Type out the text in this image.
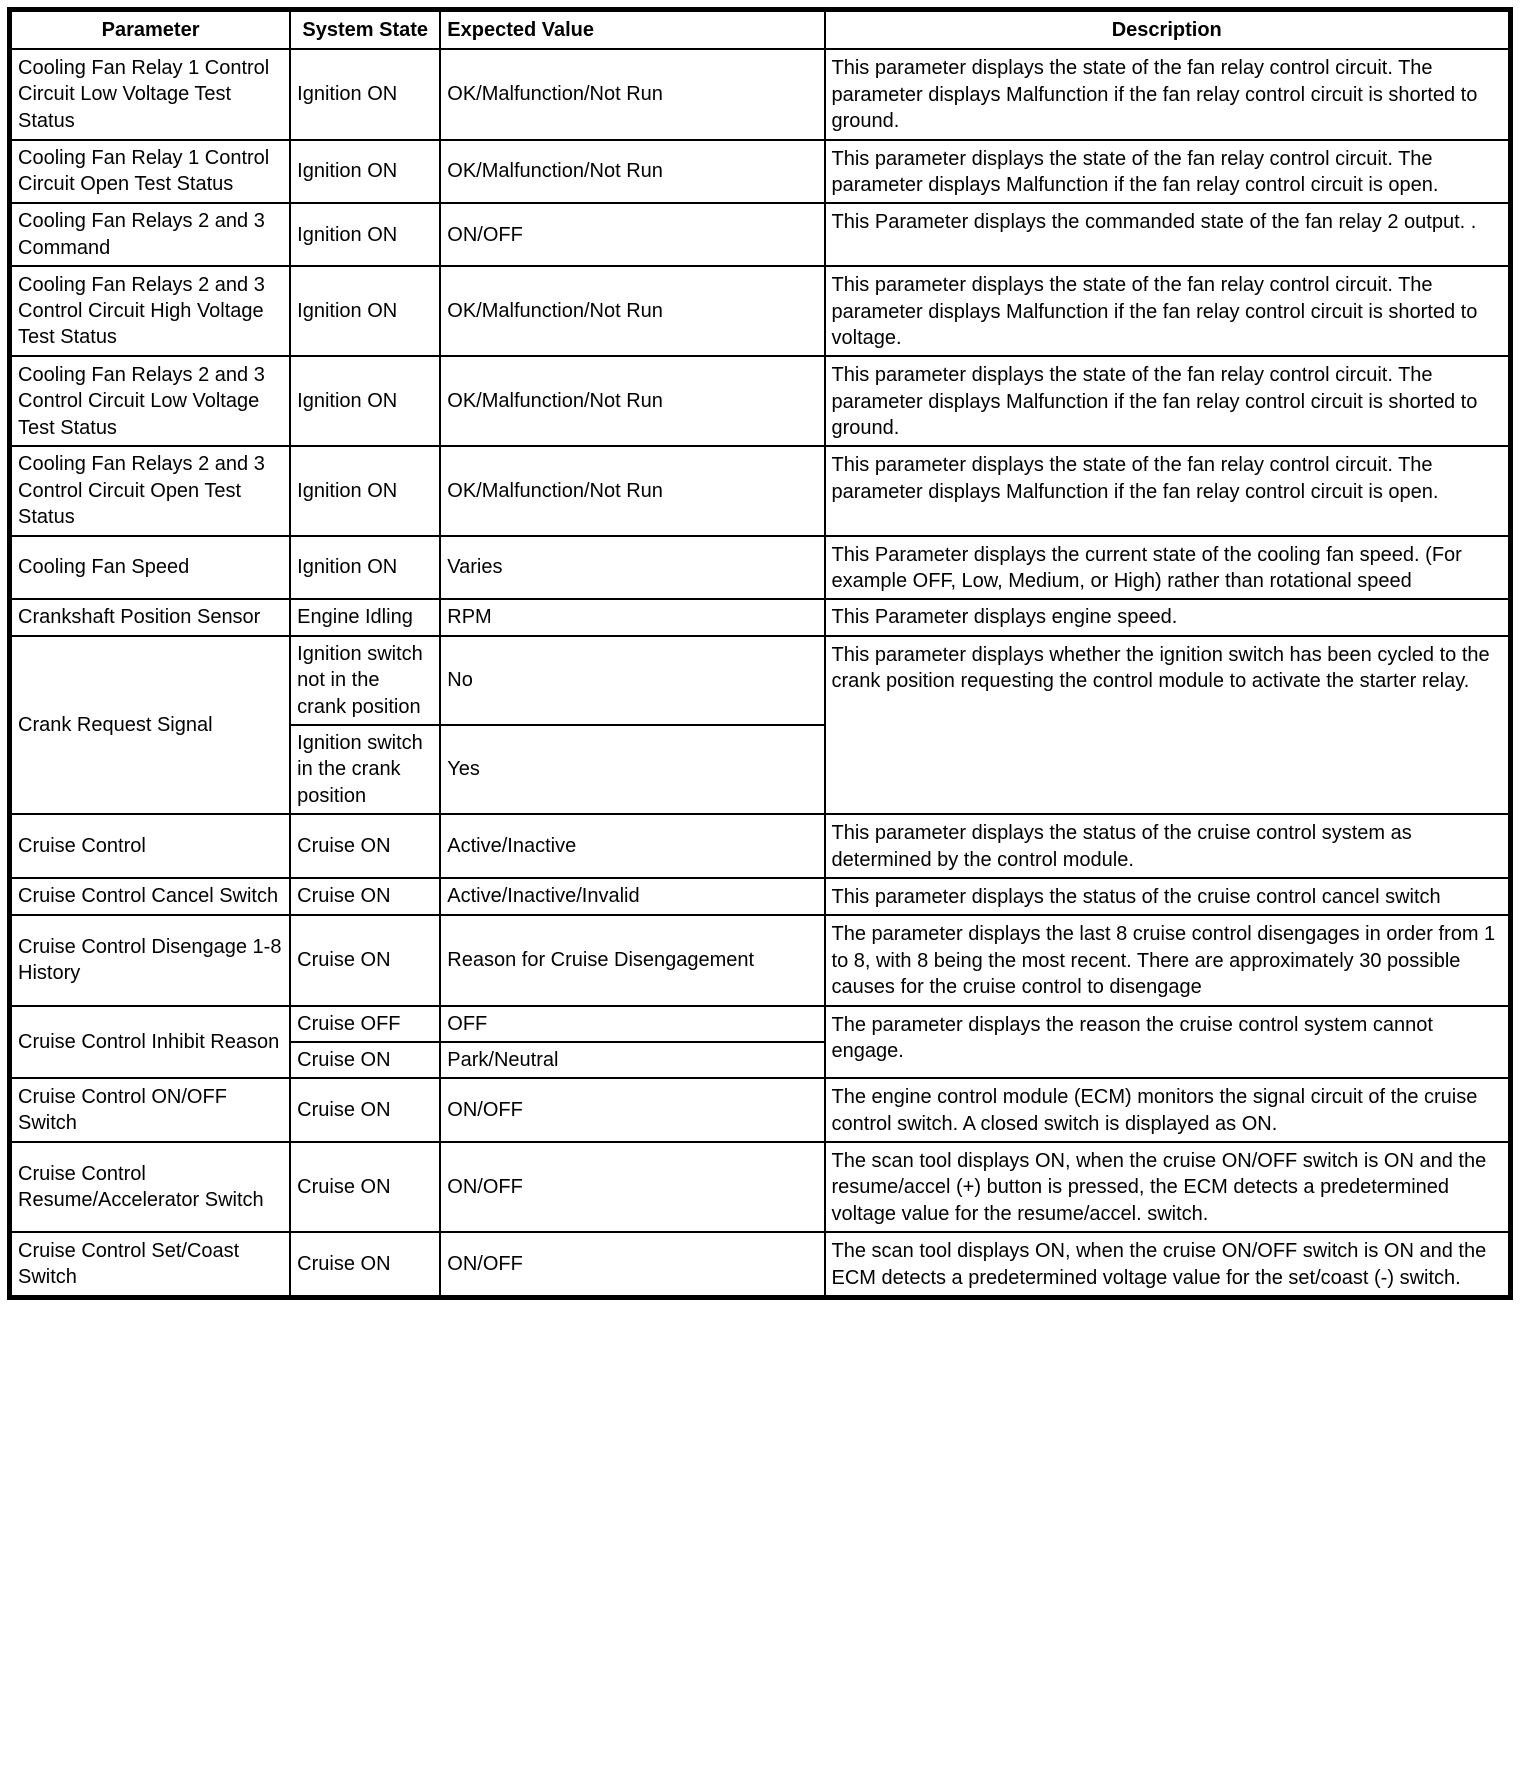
Parameter	System State	Expected Value	Description
Cooling Fan Relay 1 Control Circuit Low Voltage Test Status	Ignition ON	OK/Malfunction/Not Run	This parameter displays the state of the fan relay control circuit. The parameter displays Malfunction if the fan relay control circuit is shorted to ground.
Cooling Fan Relay 1 Control Circuit Open Test Status	Ignition ON	OK/Malfunction/Not Run	This parameter displays the state of the fan relay control circuit. The parameter displays Malfunction if the fan relay control circuit is open.
Cooling Fan Relays 2 and 3 Command	Ignition ON	ON/OFF	This Parameter displays the commanded state of the fan relay 2 output. .
Cooling Fan Relays 2 and 3 Control Circuit High Voltage Test Status	Ignition ON	OK/Malfunction/Not Run	This parameter displays the state of the fan relay control circuit. The parameter displays Malfunction if the fan relay control circuit is shorted to voltage.
Cooling Fan Relays 2 and 3 Control Circuit Low Voltage Test Status	Ignition ON	OK/Malfunction/Not Run	This parameter displays the state of the fan relay control circuit. The parameter displays Malfunction if the fan relay control circuit is shorted to ground.
Cooling Fan Relays 2 and 3 Control Circuit Open Test Status	Ignition ON	OK/Malfunction/Not Run	This parameter displays the state of the fan relay control circuit. The parameter displays Malfunction if the fan relay control circuit is open.
Cooling Fan Speed	Ignition ON	Varies	This Parameter displays the current state of the cooling fan speed. (For example OFF, Low, Medium, or High) rather than rotational speed
Crankshaft Position Sensor	Engine Idling	RPM	This Parameter displays engine speed.
Crank Request Signal	Ignition switch not in the crank position	No	This parameter displays whether the ignition switch has been cycled to the crank position requesting the control module to activate the starter relay.
	Ignition switch in the crank position	Yes	
Cruise Control	Cruise ON	Active/Inactive	This parameter displays the status of the cruise control system as determined by the control module.
Cruise Control Cancel Switch	Cruise ON	Active/Inactive/Invalid	This parameter displays the status of the cruise control cancel switch
Cruise Control Disengage 1-8 History	Cruise ON	Reason for Cruise Disengagement	The parameter displays the last 8 cruise control disengages in order from 1 to 8, with 8 being the most recent. There are approximately 30 possible causes for the cruise control to disengage
Cruise Control Inhibit Reason	Cruise OFF	OFF	The parameter displays the reason the cruise control system cannot engage.
	Cruise ON	Park/Neutral	
Cruise Control ON/OFF Switch	Cruise ON	ON/OFF	The engine control module (ECM) monitors the signal circuit of the cruise control switch. A closed switch is displayed as ON.
Cruise Control Resume/Accelerator Switch	Cruise ON	ON/OFF	The scan tool displays ON, when the cruise ON/OFF switch is ON and the resume/accel (+) button is pressed, the ECM detects a predetermined voltage value for the resume/accel. switch.
Cruise Control Set/Coast Switch	Cruise ON	ON/OFF	The scan tool displays ON, when the cruise ON/OFF switch is ON and the ECM detects a predetermined voltage value for the set/coast (-) switch.
